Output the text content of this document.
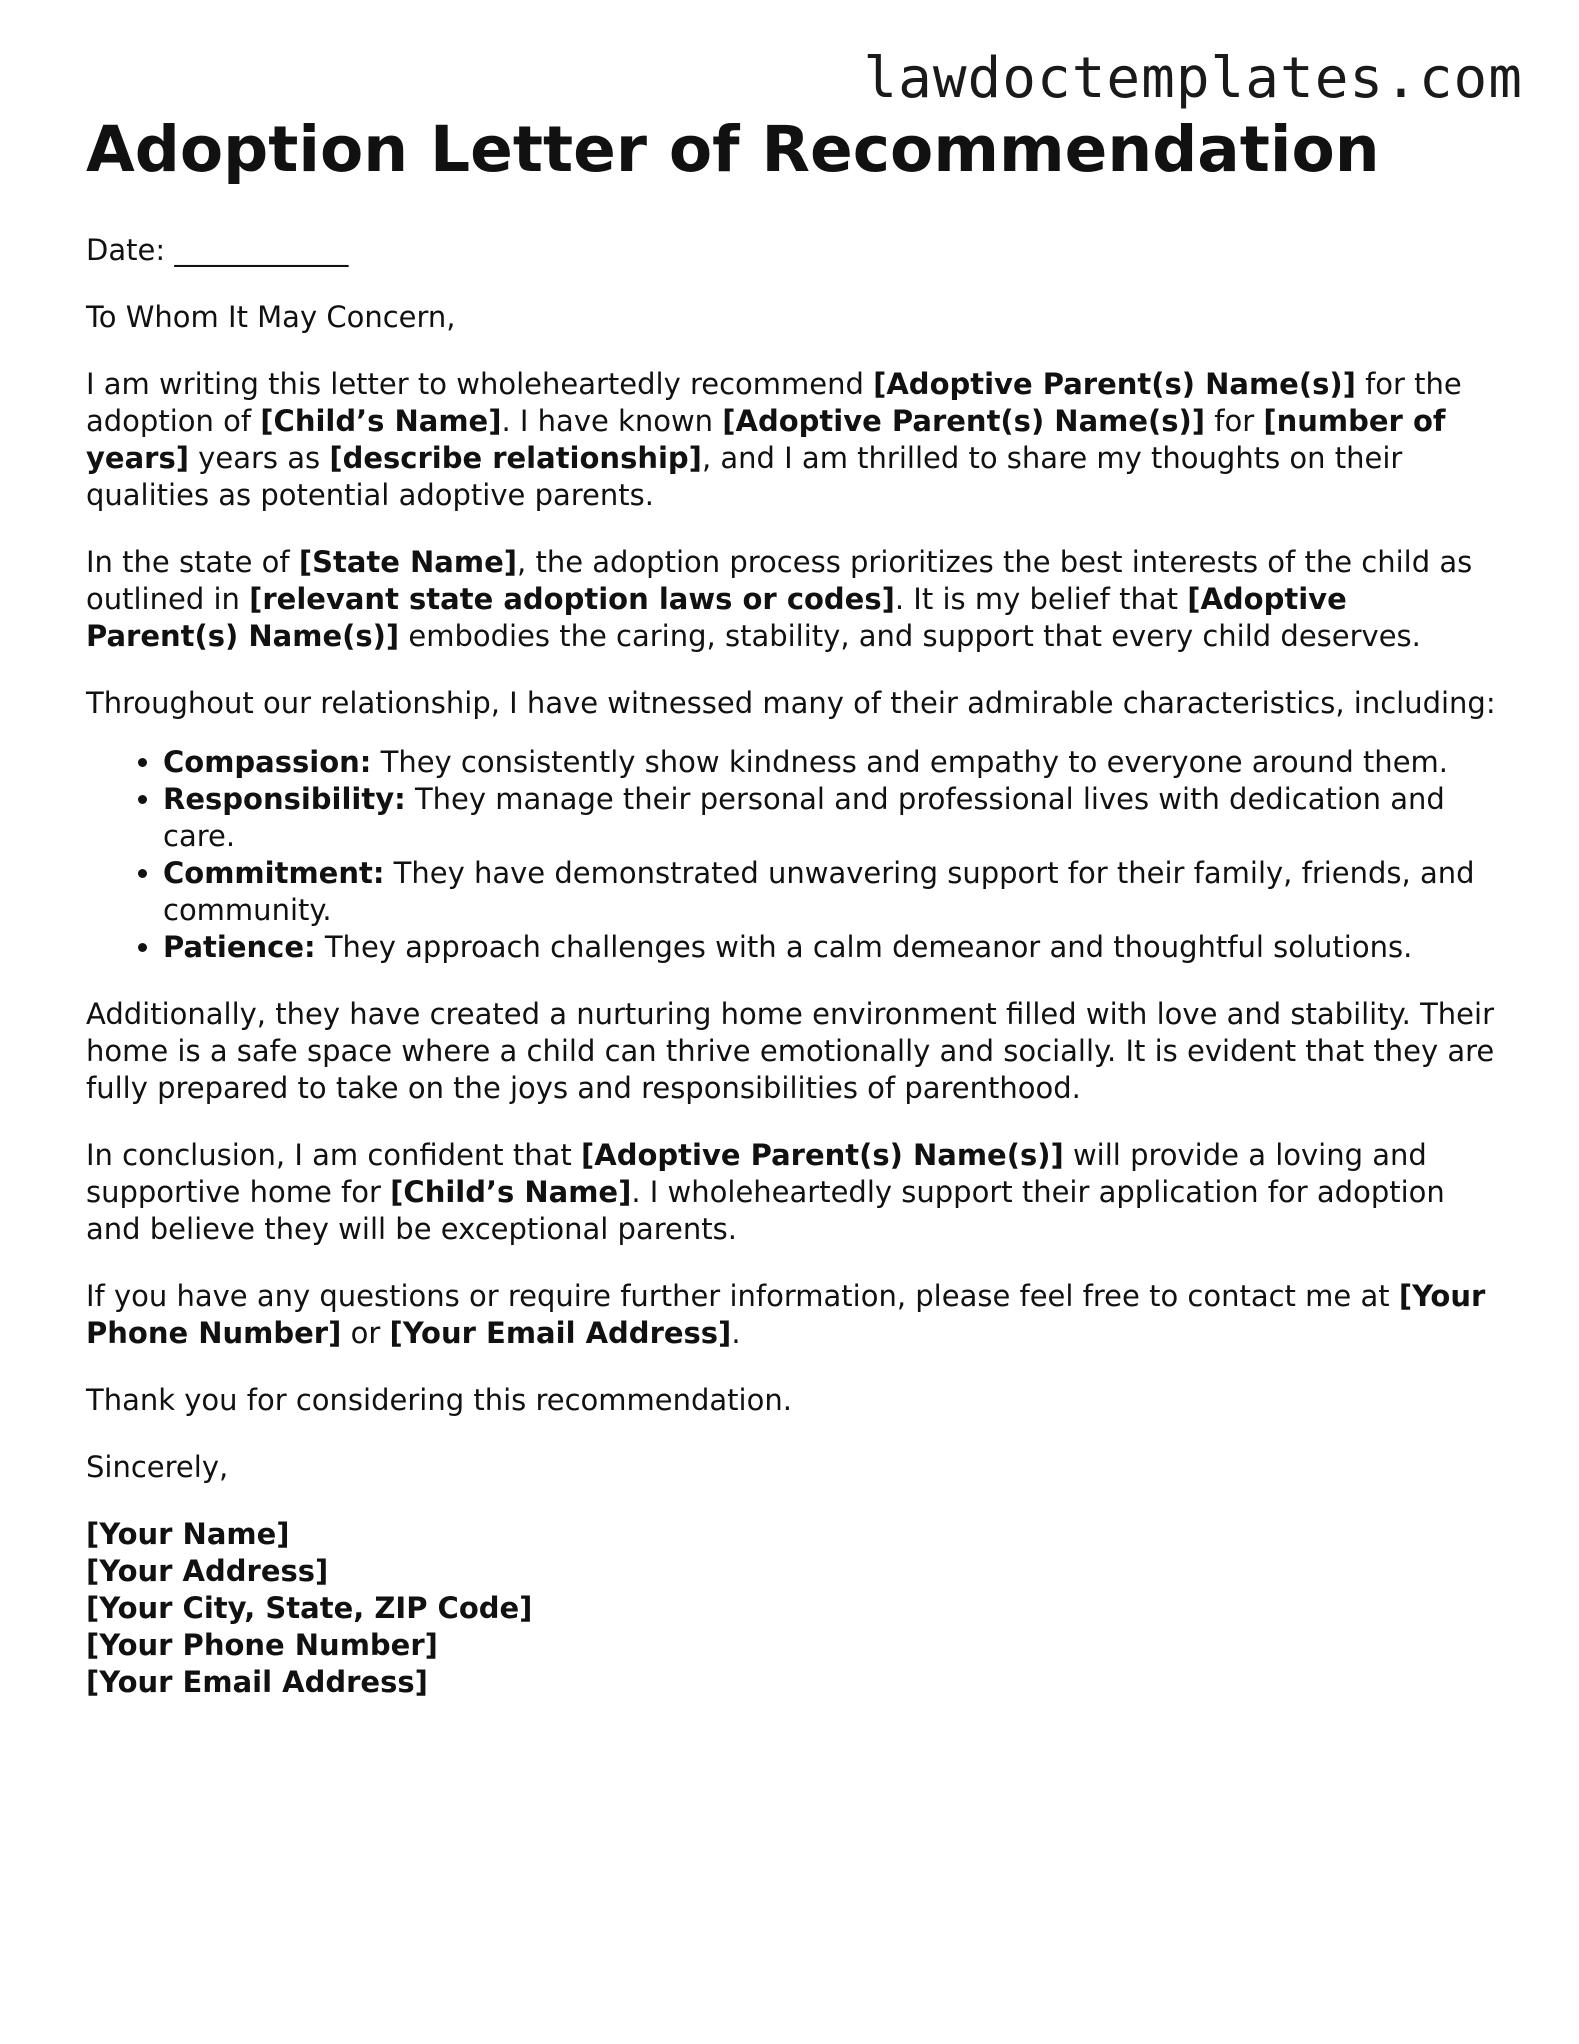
lawdoctemplates.com
Adoption Letter of Recommendation

Date: ____________

To Whom It May Concern,

I am writing this letter to wholeheartedly recommend [Adoptive Parent(s) Name(s)] for the adoption of [Child’s Name]. I have known [Adoptive Parent(s) Name(s)] for [number of years] years as [describe relationship], and I am thrilled to share my thoughts on their qualities as potential adoptive parents.

In the state of [State Name], the adoption process prioritizes the best interests of the child as outlined in [relevant state adoption laws or codes]. It is my belief that [Adoptive Parent(s) Name(s)] embodies the caring, stability, and support that every child deserves.

Throughout our relationship, I have witnessed many of their admirable characteristics, including:

• Compassion: They consistently show kindness and empathy to everyone around them.
• Responsibility: They manage their personal and professional lives with dedication and care.
• Commitment: They have demonstrated unwavering support for their family, friends, and community.
• Patience: They approach challenges with a calm demeanor and thoughtful solutions.

Additionally, they have created a nurturing home environment filled with love and stability. Their home is a safe space where a child can thrive emotionally and socially. It is evident that they are fully prepared to take on the joys and responsibilities of parenthood.

In conclusion, I am confident that [Adoptive Parent(s) Name(s)] will provide a loving and supportive home for [Child’s Name]. I wholeheartedly support their application for adoption and believe they will be exceptional parents.

If you have any questions or require further information, please feel free to contact me at [Your Phone Number] or [Your Email Address].

Thank you for considering this recommendation.

Sincerely,

[Your Name]

[Your Address]

[Your City, State, ZIP Code]

[Your Phone Number]

[Your Email Address]
